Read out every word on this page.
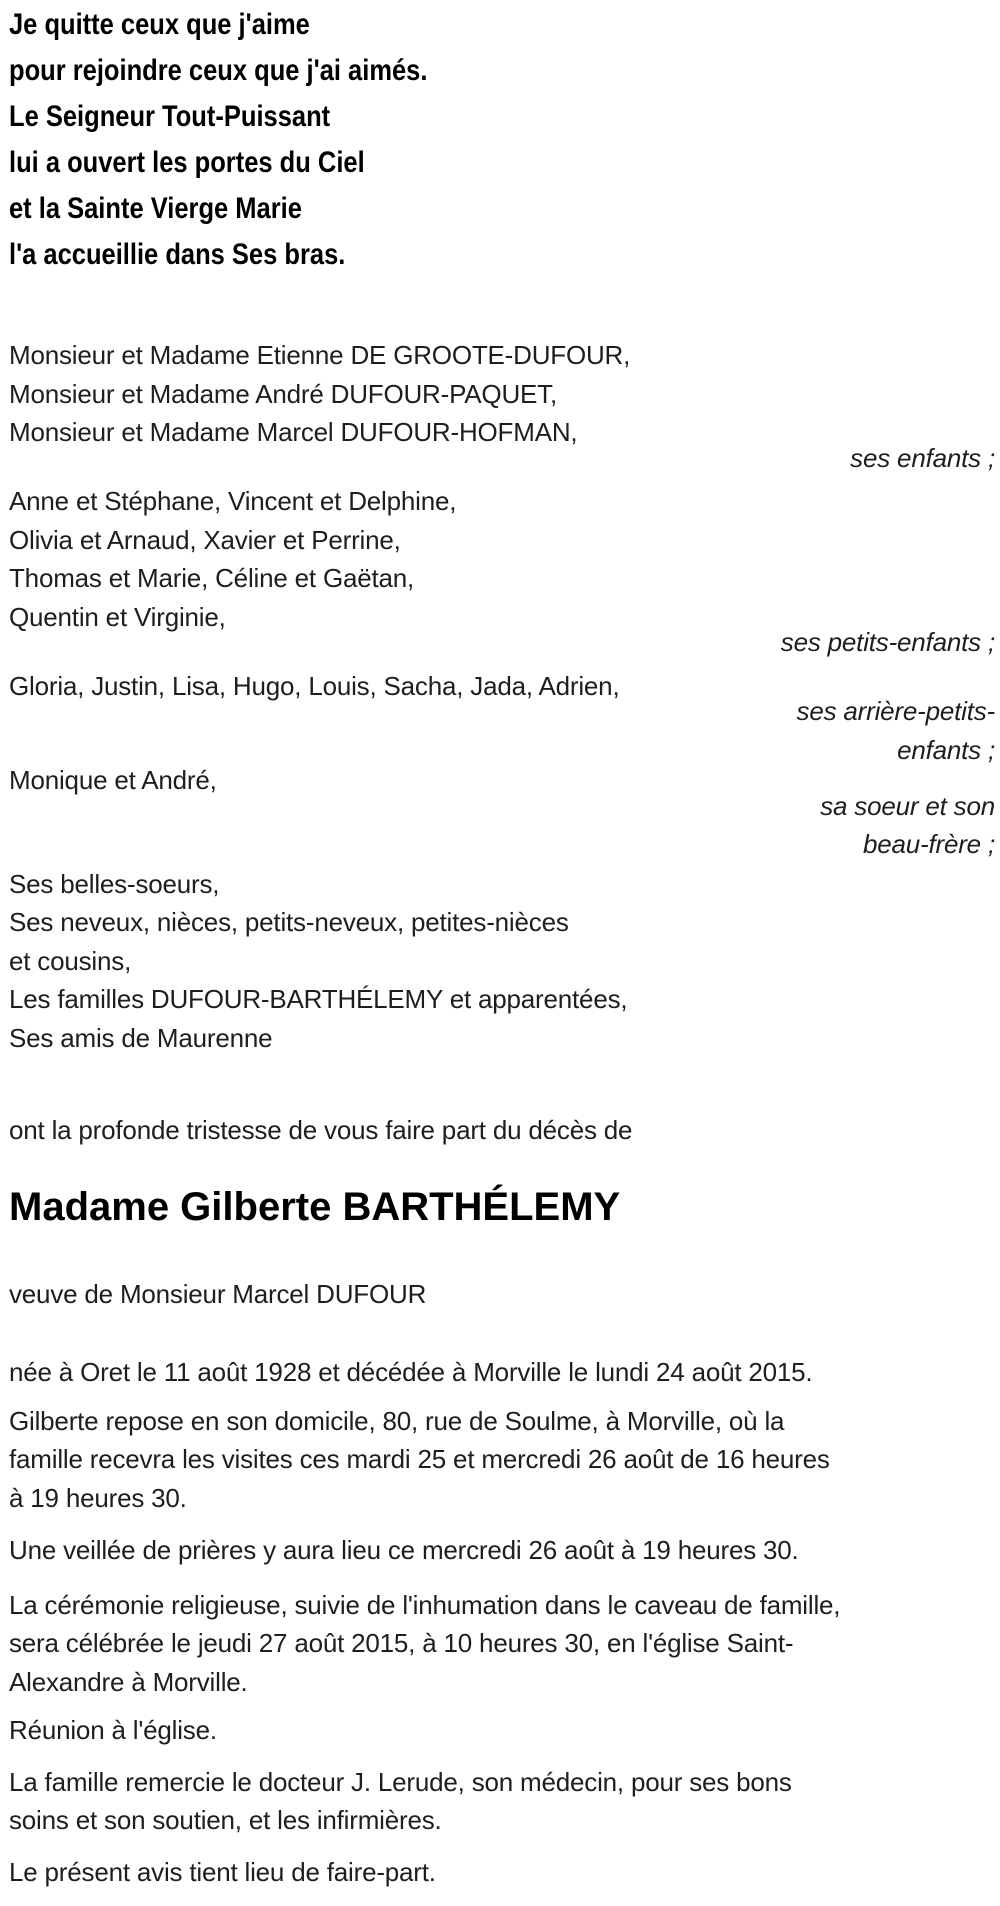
Je quitte ceux que j'aime
pour rejoindre ceux que j'ai aimés.
Le Seigneur Tout-Puissant
lui a ouvert les portes du Ciel
et la Sainte Vierge Marie
l'a accueillie dans Ses bras.
Monsieur et Madame Etienne DE GROOTE-DUFOUR,
Monsieur et Madame André DUFOUR-PAQUET,
Monsieur et Madame Marcel DUFOUR-HOFMAN,
ses enfants ;
Anne et Stéphane, Vincent et Delphine,
Olivia et Arnaud, Xavier et Perrine,
Thomas et Marie, Céline et Gaëtan,
Quentin et Virginie,
ses petits-enfants ;
Gloria, Justin, Lisa, Hugo, Louis, Sacha, Jada, Adrien,
ses arrière-petits-
enfants ;
Monique et André,
sa soeur et son
beau-frère ;
Ses belles-soeurs,
Ses neveux, nièces, petits-neveux, petites-nièces
et cousins,
Les familles DUFOUR-BARTHÉLEMY et apparentées,
Ses amis de Maurenne
ont la profonde tristesse de vous faire part du décès de
Madame Gilberte BARTHÉLEMY
veuve de Monsieur Marcel DUFOUR
née à Oret le 11 août 1928 et décédée à Morville le lundi 24 août 2015.
Gilberte repose en son domicile, 80, rue de Soulme, à Morville, où la
famille recevra les visites ces mardi 25 et mercredi 26 août de 16 heures
à 19 heures 30.
Une veillée de prières y aura lieu ce mercredi 26 août à 19 heures 30.
La cérémonie religieuse, suivie de l'inhumation dans le caveau de famille,
sera célébrée le jeudi 27 août 2015, à 10 heures 30, en l'église Saint-
Alexandre à Morville.
Réunion à l'église.
La famille remercie le docteur J. Lerude, son médecin, pour ses bons
soins et son soutien, et les infirmières.
Le présent avis tient lieu de faire-part.
